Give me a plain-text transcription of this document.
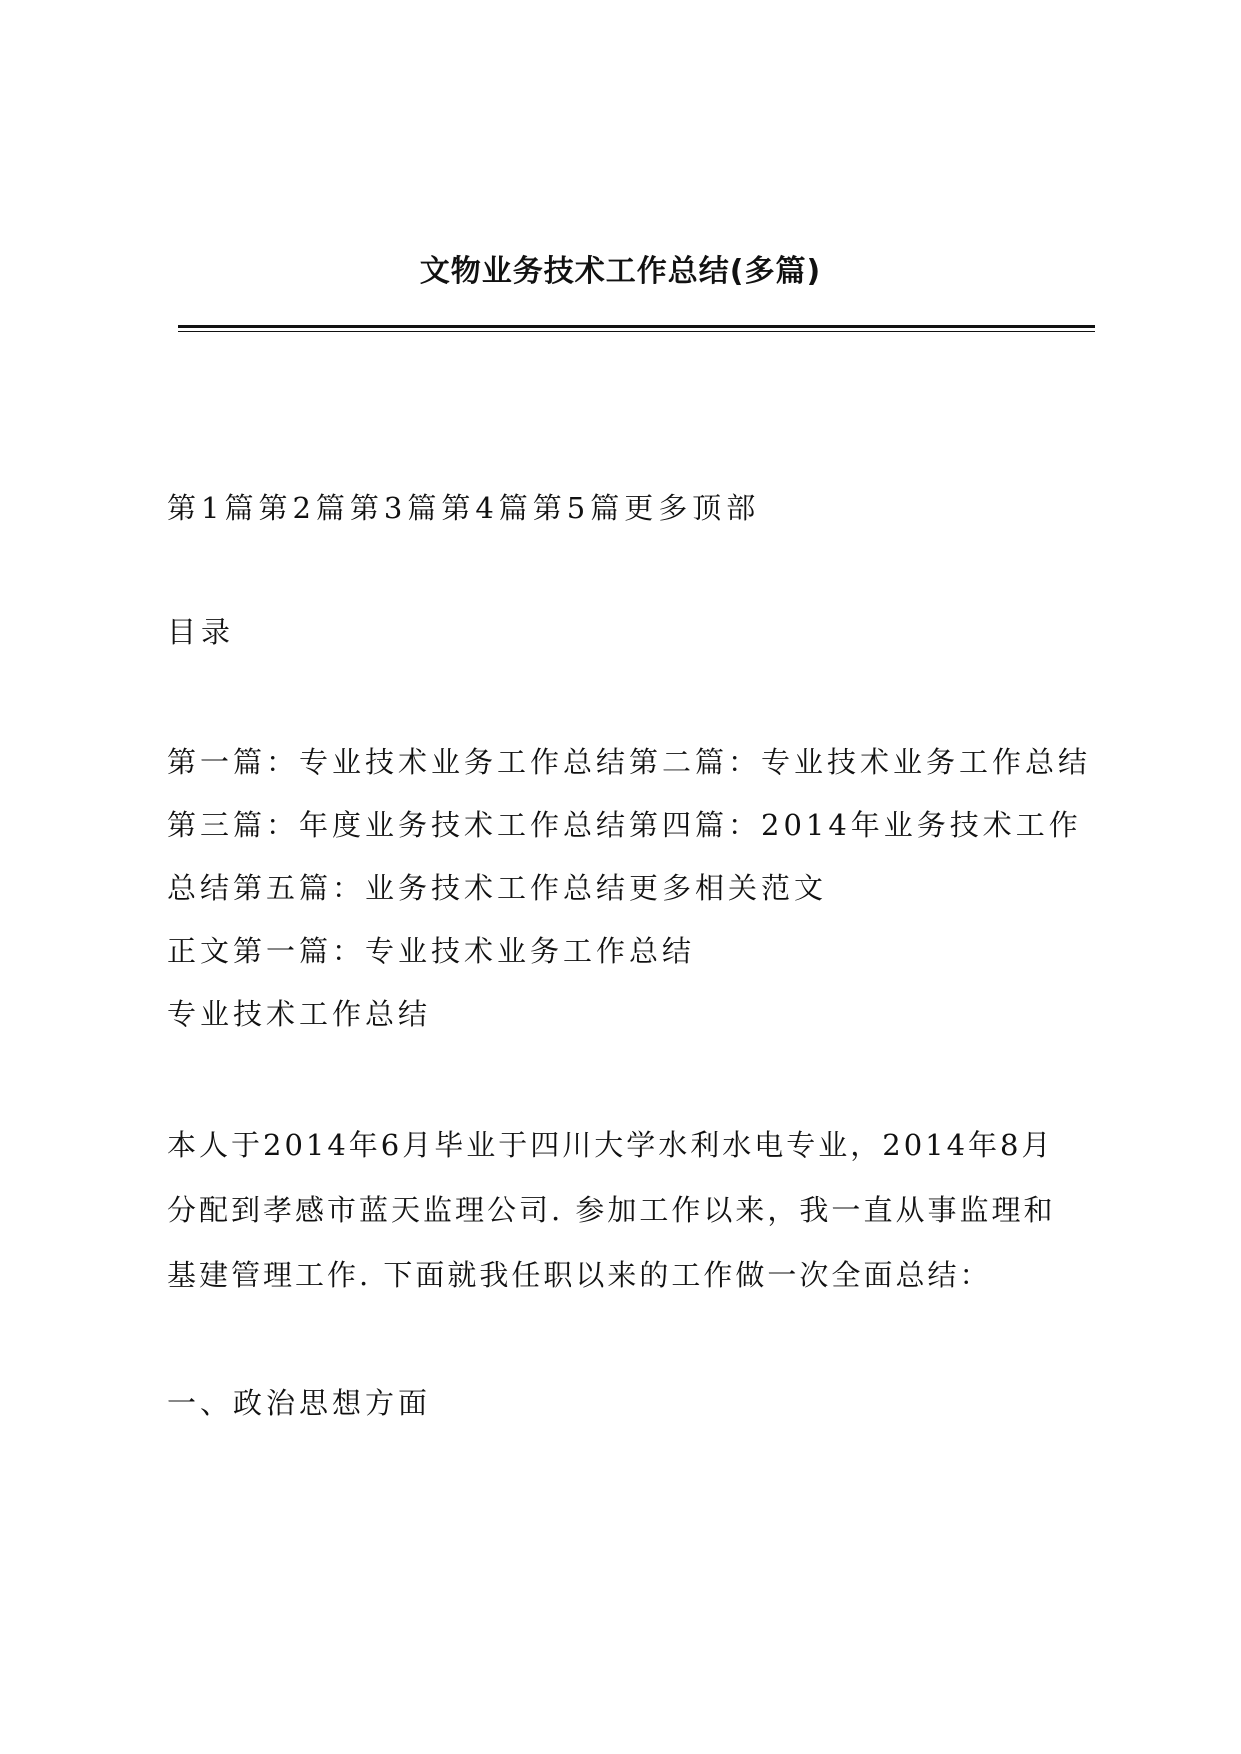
文物业务技术工作总结(多篇)
第1篇第2篇第3篇第4篇第5篇更多顶部
目录
第一篇：专业技术业务工作总结第二篇：专业技术业务工作总结
第三篇：年度业务技术工作总结第四篇：2014年业务技术工作
总结第五篇：业务技术工作总结更多相关范文
正文第一篇：专业技术业务工作总结
专业技术工作总结
本人于2014年6月毕业于四川大学水利水电专业，2014年8月
分配到孝感市蓝天监理公司. 参加工作以来，我一直从事监理和
基建管理工作. 下面就我任职以来的工作做一次全面总结：
一、政治思想方面
